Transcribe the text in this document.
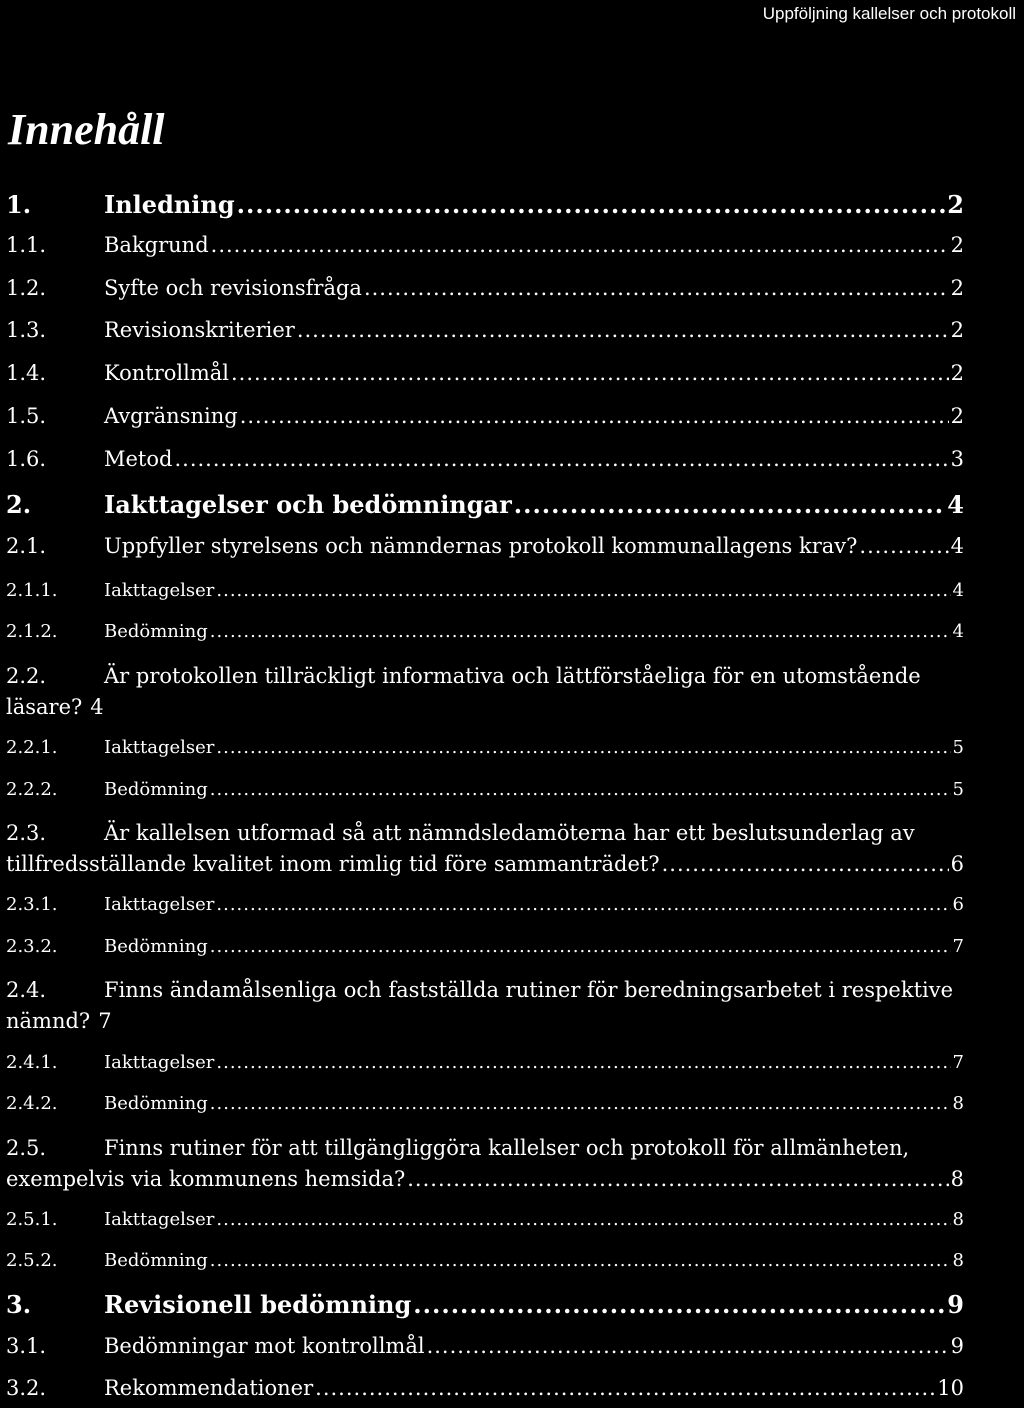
Uppföljning kallelser och protokoll
Innehåll
1.	Inledning .....	2
1.1.	Bakgrund .....	2
1.2.	Syfte och revisionsfråga .....	2
1.3.	Revisionskriterier .....	2
1.4.	Kontrollmål .....	2
1.5.	Avgränsning .....	2
1.6.	Metod .....	3
2.	Iakttagelser och bedömningar .....	4
2.1.	Uppfyller styrelsens och nämndernas protokoll kommunallagens krav? .....	4
2.1.1.	Iakttagelser .....	4
2.1.2.	Bedömning .....	4
2.2.	Är protokollen tillräckligt informativa och lättförståeliga för en utomstående
läsare? 4
2.2.1.	Iakttagelser .....	5
2.2.2.	Bedömning .....	5
2.3.	Är kallelsen utformad så att nämndsledamöterna har ett beslutsunderlag av
tillfredsställande kvalitet inom rimlig tid före sammanträdet? .....	6
2.3.1.	Iakttagelser .....	6
2.3.2.	Bedömning .....	7
2.4.	Finns ändamålsenliga och fastställda rutiner för beredningsarbetet i respektive
nämnd? 7
2.4.1.	Iakttagelser .....	7
2.4.2.	Bedömning .....	8
2.5.	Finns rutiner för att tillgängliggöra kallelser och protokoll för allmänheten,
exempelvis via kommunens hemsida? .....	8
2.5.1.	Iakttagelser .....	8
2.5.2.	Bedömning .....	8
3.	Revisionell bedömning .....	9
3.1.	Bedömningar mot kontrollmål .....	9
3.2.	Rekommendationer .....	10
